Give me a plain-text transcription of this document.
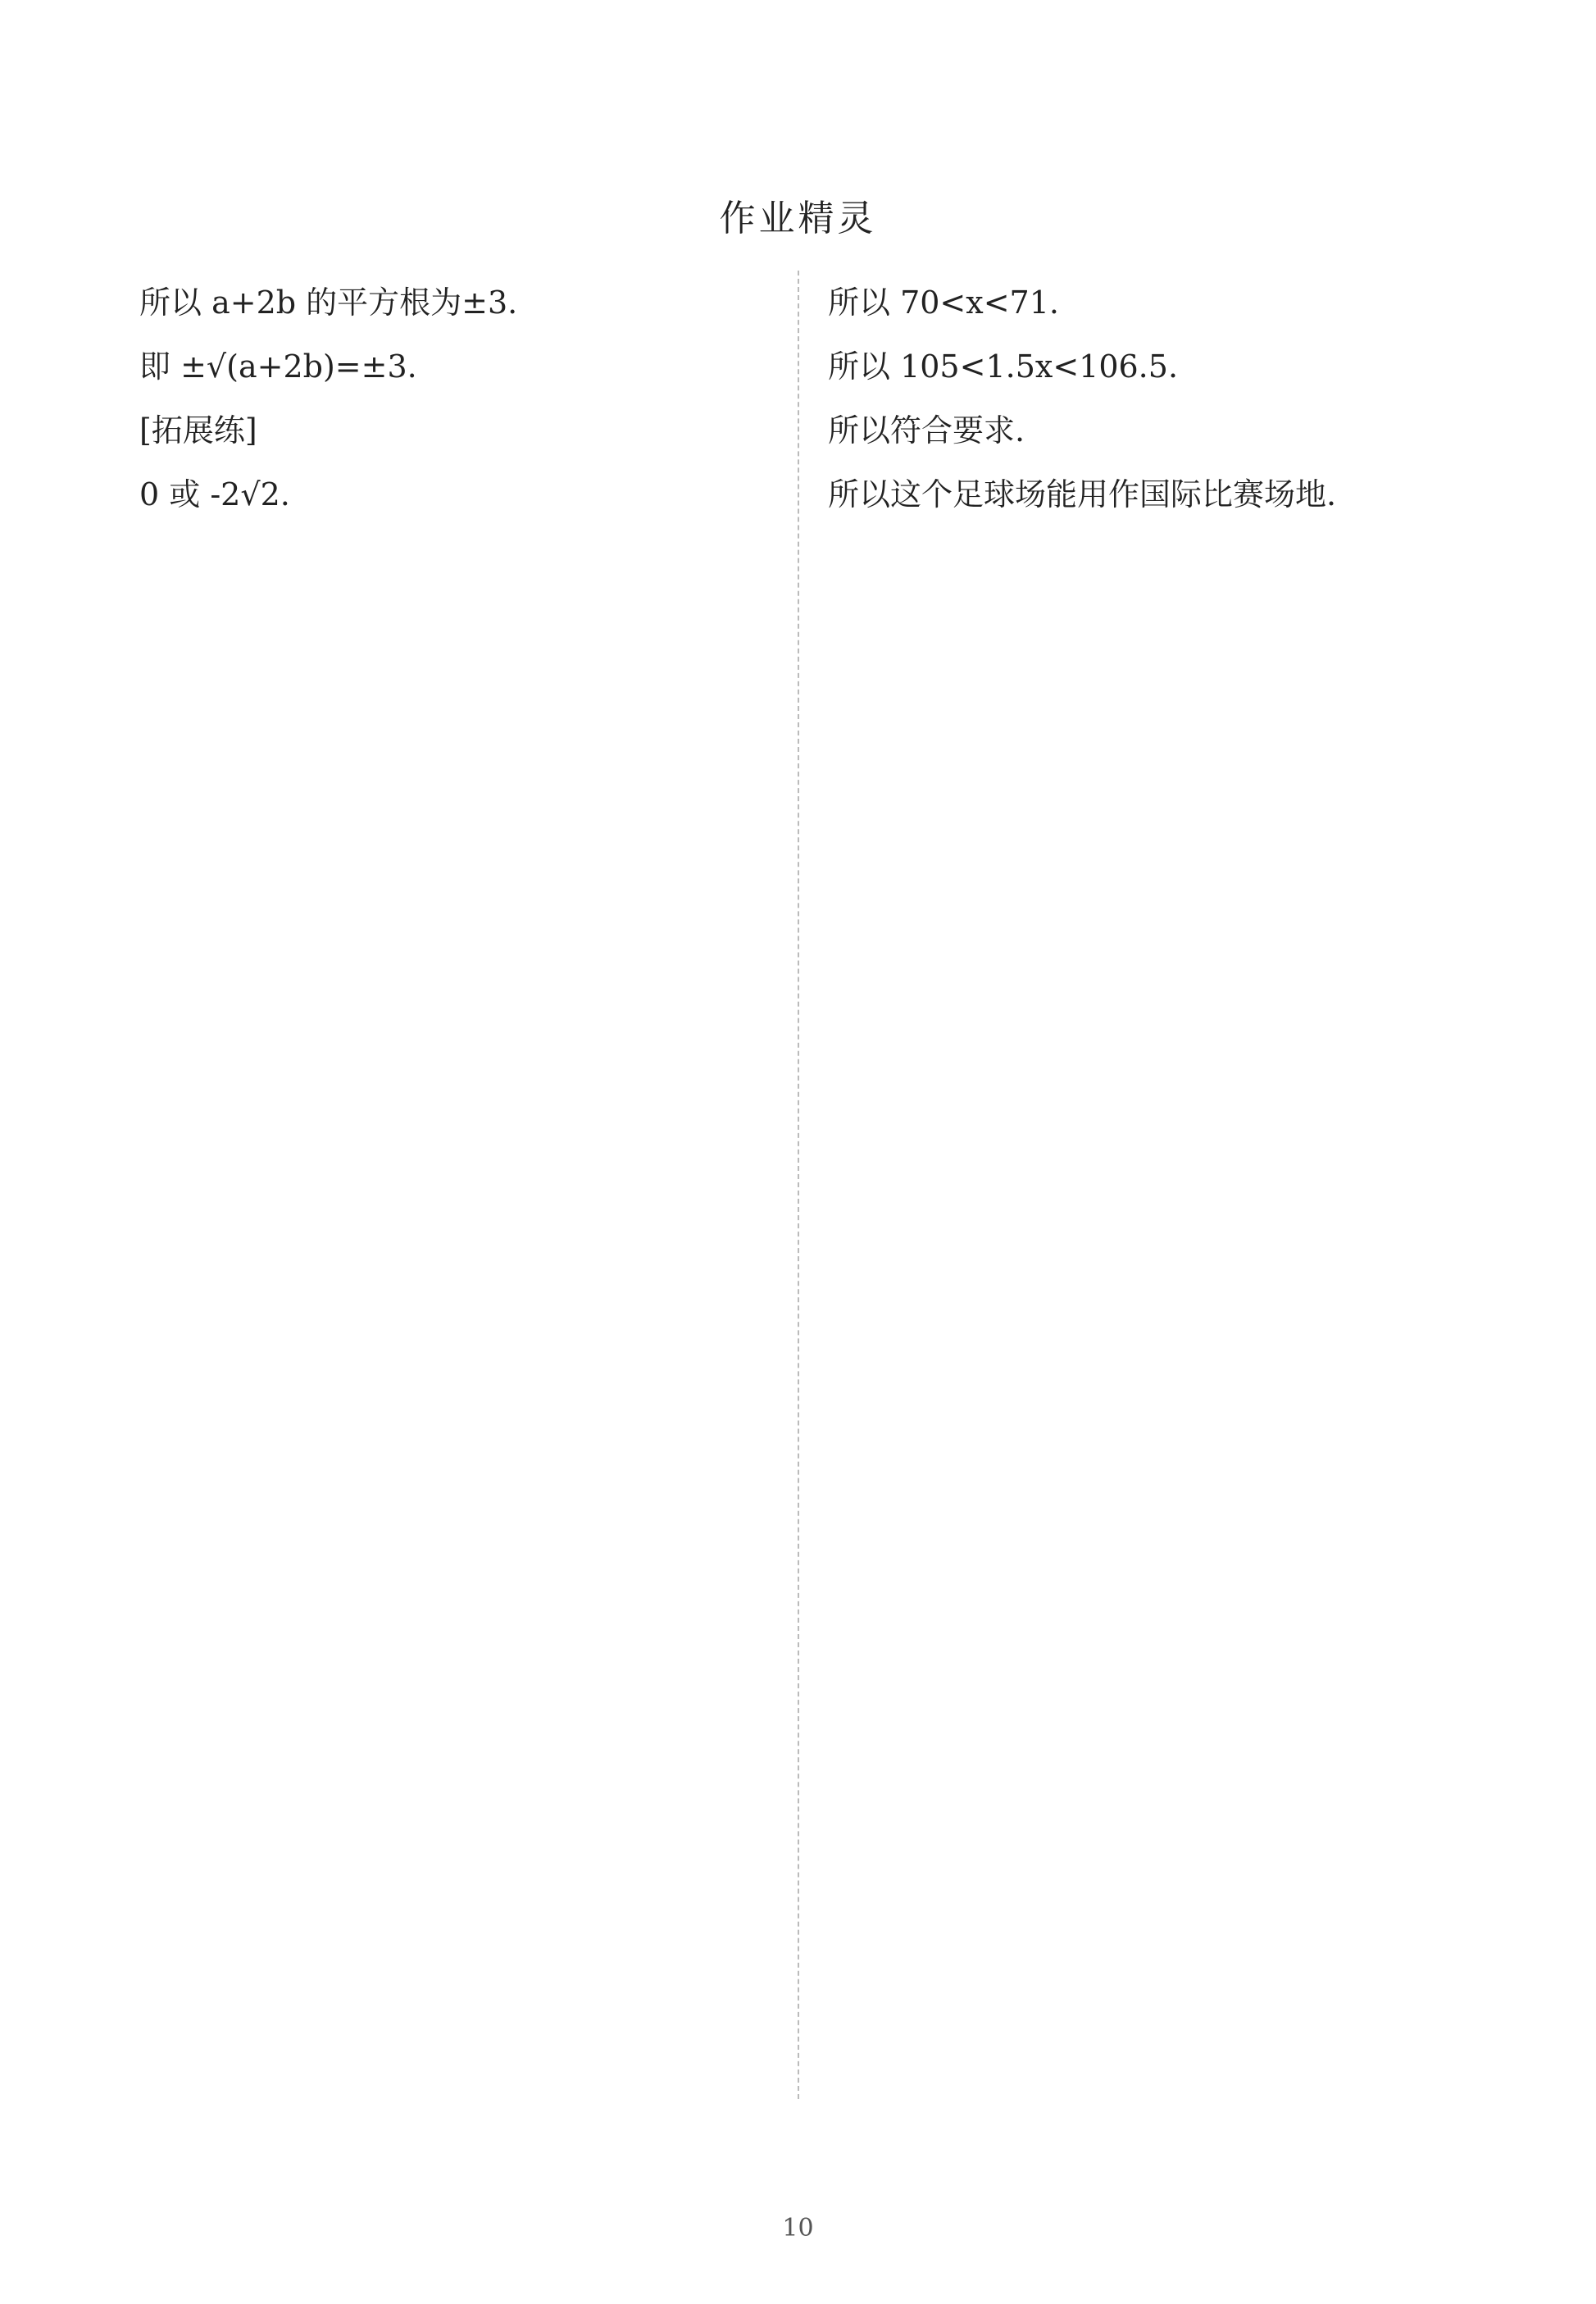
作业精灵

所以 a+2b 的平方根为±3.

即 ±√(a+2b)=±3.

[拓展练]

0 或 -2√2.

所以 70<x<71.

所以 105<1.5x<106.5.

所以符合要求.

所以这个足球场能用作国际比赛场地.

10
